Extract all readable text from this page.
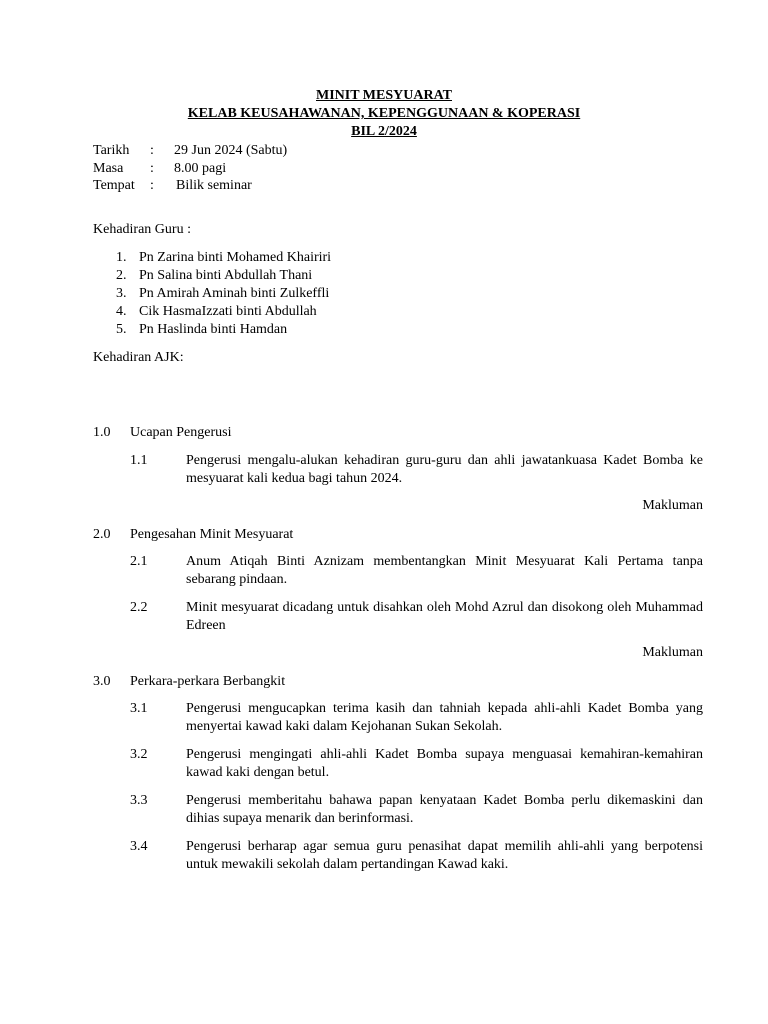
MINIT MESYUARAT
KELAB KEUSAHAWANAN, KEPENGGUNAAN & KOPERASI
BIL 2/2024
Tarikh : 29 Jun 2024 (Sabtu)
Masa : 8.00 pagi
Tempat : Bilik seminar
Kehadiran Guru :
1. Pn Zarina binti Mohamed Khairiri
2. Pn Salina binti Abdullah Thani
3. Pn Amirah Aminah binti Zulkeffli
4. Cik HasmaIzzati binti Abdullah
5. Pn Haslinda binti Hamdan
Kehadiran AJK:
1.0 Ucapan Pengerusi
1.1	Pengerusi mengalu-alukan kehadiran guru-guru dan ahli jawatankuasa Kadet Bomba ke mesyuarat kali kedua bagi tahun 2024.
Makluman
2.0 Pengesahan Minit Mesyuarat
2.1	Anum Atiqah Binti Aznizam membentangkan Minit Mesyuarat Kali Pertama tanpa sebarang pindaan.
2.2	Minit mesyuarat dicadang untuk disahkan oleh Mohd Azrul dan disokong oleh Muhammad Edreen
Makluman
3.0 Perkara-perkara Berbangkit
3.1	Pengerusi mengucapkan terima kasih dan tahniah kepada ahli-ahli Kadet Bomba yang menyertai kawad kaki dalam Kejohanan Sukan Sekolah.
3.2	Pengerusi mengingati ahli-ahli Kadet Bomba supaya menguasai kemahiran-kemahiran kawad kaki dengan betul.
3.3	Pengerusi memberitahu bahawa papan kenyataan Kadet Bomba perlu dikemaskini dan dihias supaya menarik dan berinformasi.
3.4	Pengerusi berharap agar semua guru penasihat dapat memilih ahli-ahli yang berpotensi untuk mewakili sekolah dalam pertandingan Kawad kaki.
